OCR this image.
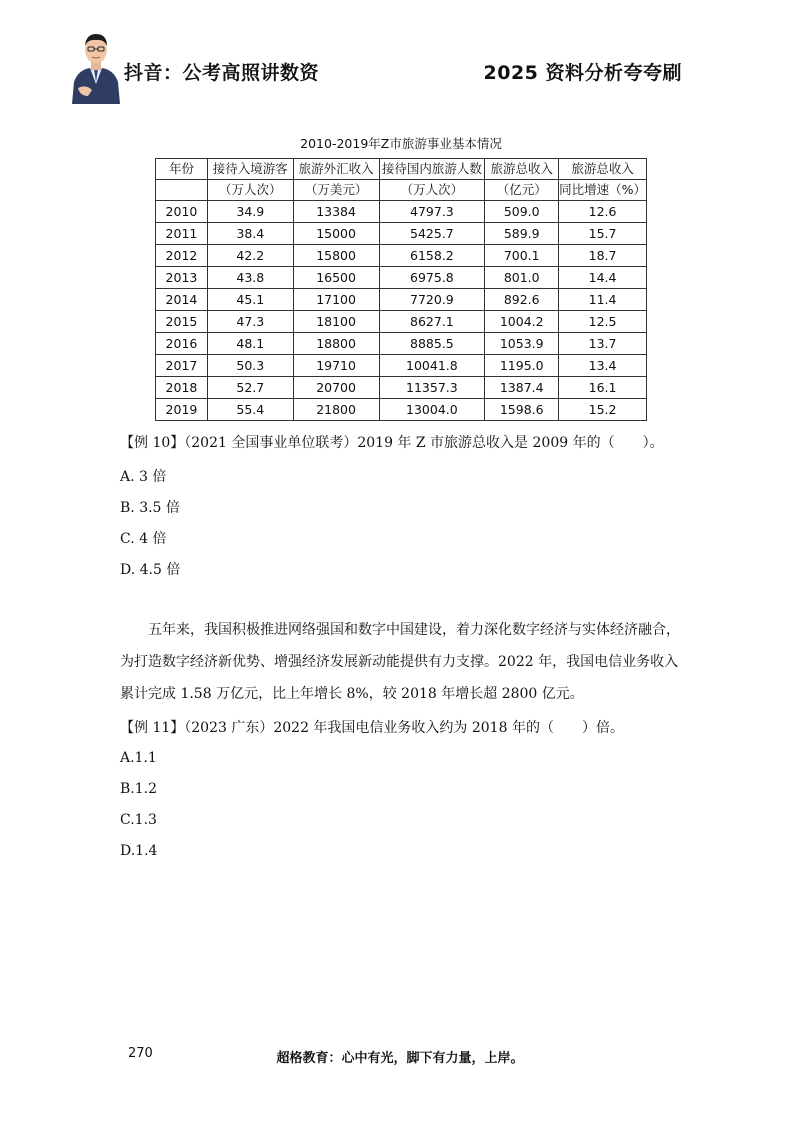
抖音：公考高照讲数资	2025 资料分析夸夸刷
2010-2019年Z市旅游事业基本情况
年份	接待入境游客	旅游外汇收入	接待国内旅游人数	旅游总收入	旅游总收入
	（万人次）	（万美元）	（万人次）	（亿元）	同比增速（%）
2010	34.9	13384	4797.3	509.0	12.6
2011	38.4	15000	5425.7	589.9	15.7
2012	42.2	15800	6158.2	700.1	18.7
2013	43.8	16500	6975.8	801.0	14.4
2014	45.1	17100	7720.9	892.6	11.4
2015	47.3	18100	8627.1	1004.2	12.5
2016	48.1	18800	8885.5	1053.9	13.7
2017	50.3	19710	10041.8	1195.0	13.4
2018	52.7	20700	11357.3	1387.4	16.1
2019	55.4	21800	13004.0	1598.6	15.2
【例 10】（2021 全国事业单位联考）2019 年 Z 市旅游总收入是 2009 年的（　　）。
A. 3 倍
B. 3.5 倍
C. 4 倍
D. 4.5 倍
五年来，我国积极推进网络强国和数字中国建设，着力深化数字经济与实体经济融合，
为打造数字经济新优势、增强经济发展新动能提供有力支撑。2022 年，我国电信业务收入
累计完成 1.58 万亿元，比上年增长 8%，较 2018 年增长超 2800 亿元。
【例 11】（2023 广东）2022 年我国电信业务收入约为 2018 年的（　　）倍。
A.1.1
B.1.2
C.1.3
D.1.4
270	超格教育：心中有光，脚下有力量，上岸。
